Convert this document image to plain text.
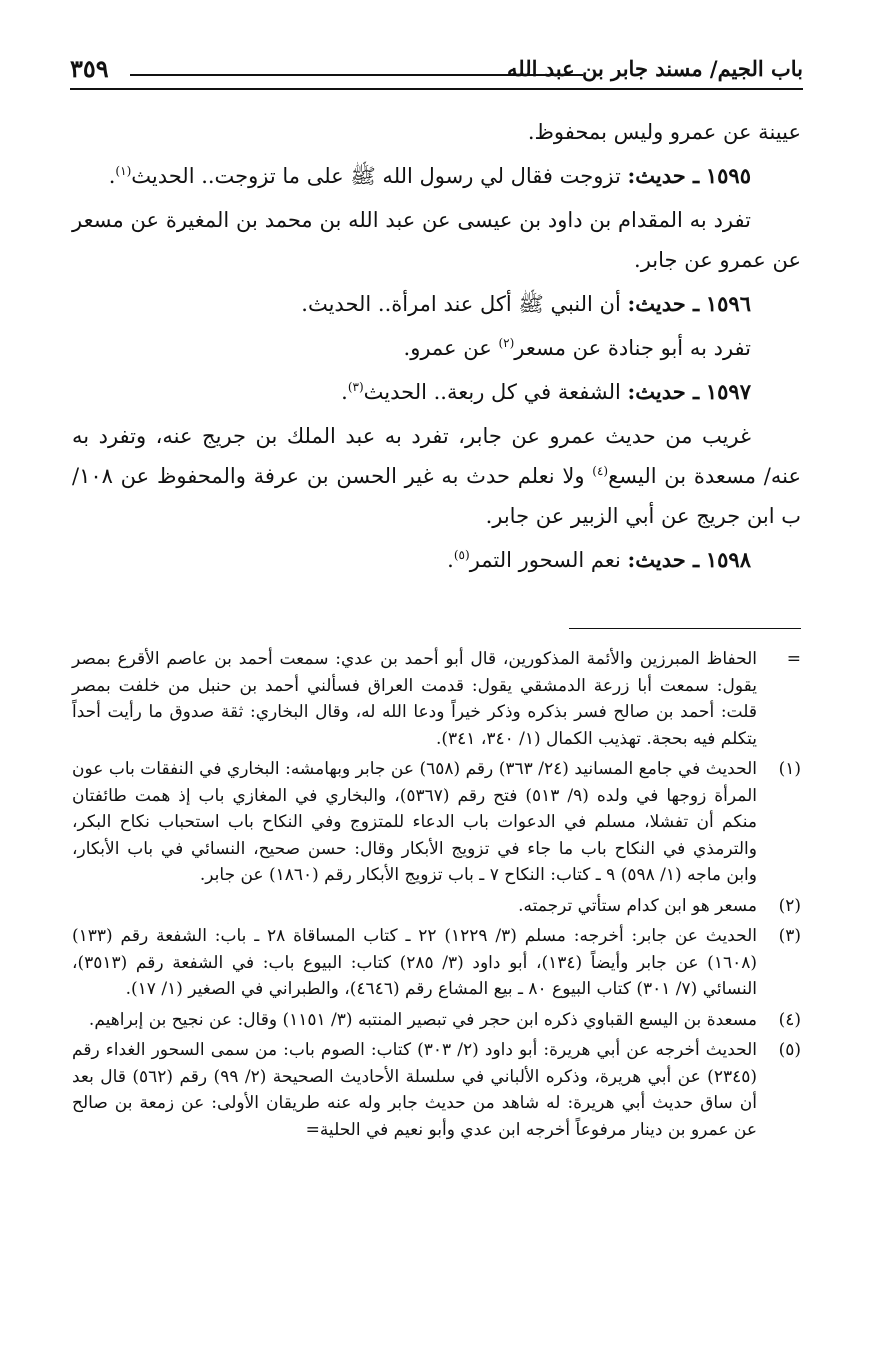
باب الجيم/ مسند جابر بن عبد الله
٣٥٩

عيينة عن عمرو وليس بمحفوظ.

١٥٩٥ ـ حديث: تزوجت فقال لي رسول الله ﷺ على ما تزوجت.. الحديث$^{(١)}$.

تفرد به المقدام بن داود بن عيسى عن عبد الله بن محمد بن المغيرة عن مسعر عن عمرو عن جابر.

١٥٩٦ ـ حديث: أن النبي ﷺ أكل عند امرأة.. الحديث.

تفرد به أبو جنادة عن مسعر$^{(٢)}$ عن عمرو.

١٥٩٧ ـ حديث: الشفعة في كل ربعة.. الحديث$^{(٣)}$.

غريب من حديث عمرو عن جابر، تفرد به عبد الملك بن جريج عنه، وتفرد به عنه/ مسعدة بن اليسع$^{(٤)}$ ولا نعلم حدث به غير الحسن بن عرفة والمحفوظ عن ١٠٨/ب ابن جريج عن أبي الزبير عن جابر.

١٥٩٨ ـ حديث: نعم السحور التمر$^{(٥)}$.

=
الحفاظ المبرزين والأئمة المذكورين، قال أبو أحمد بن عدي: سمعت أحمد بن عاصم الأقرع بمصر يقول: سمعت أبا زرعة الدمشقي يقول: قدمت العراق فسألني أحمد بن حنبل من خلفت بمصر قلت: أحمد بن صالح فسر بذكره وذكر خيراً ودعا الله له، وقال البخاري: ثقة صدوق ما رأيت أحداً يتكلم فيه بحجة. تهذيب الكمال (١/ ٣٤٠، ٣٤١).
(١)
الحديث في جامع المسانيد (٢٤/ ٣٦٣) رقم (٦٥٨) عن جابر وبهامشه: البخاري في النفقات باب عون المرأة زوجها في ولده (٩/ ٥١٣) فتح رقم (٥٣٦٧)، والبخاري في المغازي باب إذ همت طائفتان منكم أن تفشلا، مسلم في الدعوات باب الدعاء للمتزوج وفي النكاح باب استحباب نكاح البكر، والترمذي في النكاح باب ما جاء في تزويج الأبكار وقال: حسن صحيح، النسائي في باب الأبكار، وابن ماجه (١/ ٥٩٨) ٩ ـ كتاب: النكاح ٧ ـ باب تزويج الأبكار رقم (١٨٦٠) عن جابر.
(٢)
مسعر هو ابن كدام ستأتي ترجمته.
(٣)
الحديث عن جابر: أخرجه: مسلم (٣/ ١٢٢٩) ٢٢ ـ كتاب المساقاة ٢٨ ـ باب: الشفعة رقم (١٣٣) (١٦٠٨) عن جابر وأيضاً (١٣٤)، أبو داود (٣/ ٢٨٥) كتاب: البيوع باب: في الشفعة رقم (٣٥١٣)، النسائي (٧/ ٣٠١) كتاب البيوع ٨٠ ـ بيع المشاع رقم (٤٦٤٦)، والطبراني في الصغير (١/ ١٧).
(٤)
مسعدة بن اليسع القباوي ذكره ابن حجر في تبصير المنتبه (٣/ ١١٥١) وقال: عن نجيح بن إبراهيم.
(٥)
الحديث أخرجه عن أبي هريرة: أبو داود (٢/ ٣٠٣) كتاب: الصوم باب: من سمى السحور الغداء رقم (٢٣٤٥) عن أبي هريرة، وذكره الألباني في سلسلة الأحاديث الصحيحة (٢/ ٩٩) رقم (٥٦٢) قال بعد أن ساق حديث أبي هريرة: له شاهد من حديث جابر وله عنه طريقان الأولى: عن زمعة بن صالح عن عمرو بن دينار مرفوعاً أخرجه ابن عدي وأبو نعيم في الحلية=
